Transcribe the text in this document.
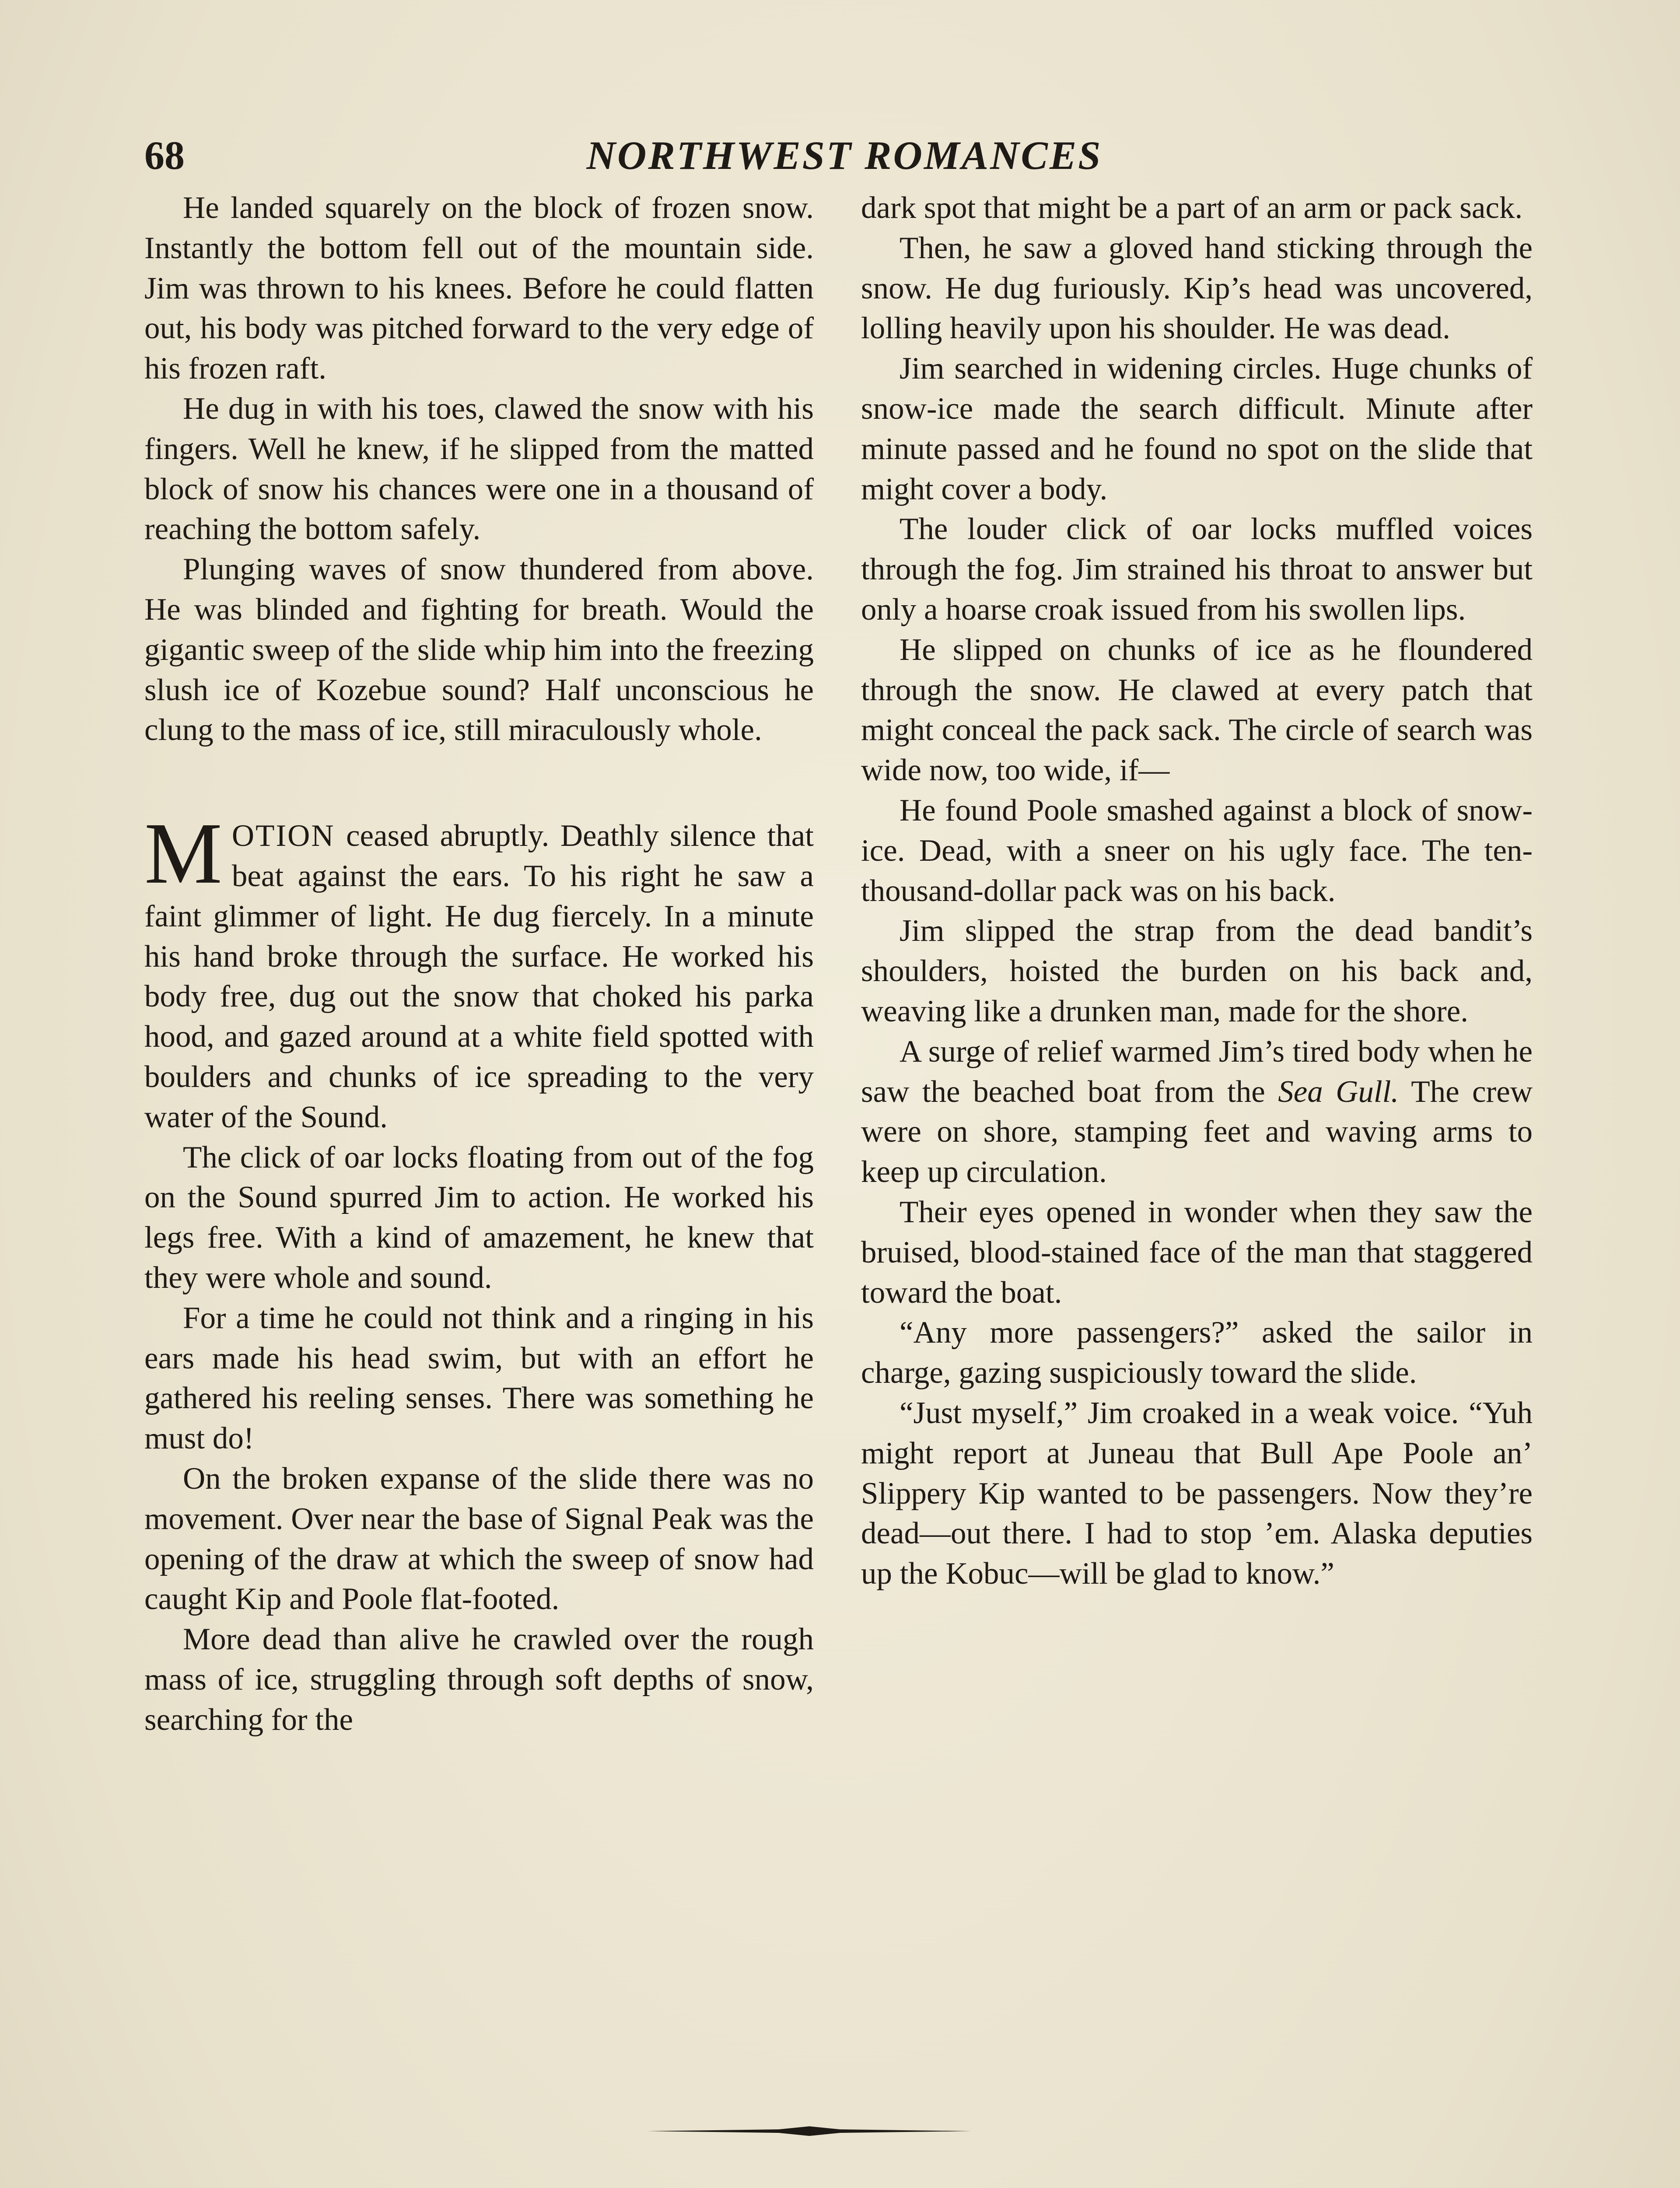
68	NORTHWEST ROMANCES

He landed squarely on the block of frozen snow. Instantly the bottom fell out of the mountain side. Jim was thrown to his knees. Before he could flatten out, his body was pitched forward to the very edge of his frozen raft.

He dug in with his toes, clawed the snow with his fingers. Well he knew, if he slipped from the matted block of snow his chances were one in a thousand of reaching the bottom safely.

Plunging waves of snow thundered from above. He was blinded and fighting for breath. Would the gigantic sweep of the slide whip him into the freezing slush ice of Kozebue sound? Half unconscious he clung to the mass of ice, still miraculously whole.

MOTION ceased abruptly. Deathly silence that beat against the ears. To his right he saw a faint glimmer of light. He dug fiercely. In a minute his hand broke through the surface. He worked his body free, dug out the snow that choked his parka hood, and gazed around at a white field spotted with boulders and chunks of ice spreading to the very water of the Sound.

The click of oar locks floating from out of the fog on the Sound spurred Jim to action. He worked his legs free. With a kind of amazement, he knew that they were whole and sound.

For a time he could not think and a ringing in his ears made his head swim, but with an effort he gathered his reeling senses. There was something he must do!

On the broken expanse of the slide there was no movement. Over near the base of Signal Peak was the opening of the draw at which the sweep of snow had caught Kip and Poole flat-footed.

More dead than alive he crawled over the rough mass of ice, struggling through soft depths of snow, searching for the

dark spot that might be a part of an arm or pack sack.

Then, he saw a gloved hand sticking through the snow. He dug furiously. Kip’s head was uncovered, lolling heavily upon his shoulder. He was dead.

Jim searched in widening circles. Huge chunks of snow-ice made the search difficult. Minute after minute passed and he found no spot on the slide that might cover a body.

The louder click of oar locks muffled voices through the fog. Jim strained his throat to answer but only a hoarse croak issued from his swollen lips.

He slipped on chunks of ice as he floundered through the snow. He clawed at every patch that might conceal the pack sack. The circle of search was wide now, too wide, if—

He found Poole smashed against a block of snow-ice. Dead, with a sneer on his ugly face. The ten-thousand-dollar pack was on his back.

Jim slipped the strap from the dead bandit’s shoulders, hoisted the burden on his back and, weaving like a drunken man, made for the shore.

A surge of relief warmed Jim’s tired body when he saw the beached boat from the Sea Gull. The crew were on shore, stamping feet and waving arms to keep up circulation.

Their eyes opened in wonder when they saw the bruised, blood-stained face of the man that staggered toward the boat.

“Any more passengers?” asked the sailor in charge, gazing suspiciously toward the slide.

“Just myself,” Jim croaked in a weak voice. “Yuh might report at Juneau that Bull Ape Poole an’ Slippery Kip wanted to be passengers. Now they’re dead—out there. I had to stop ’em. Alaska deputies up the Kobuc—will be glad to know.”
